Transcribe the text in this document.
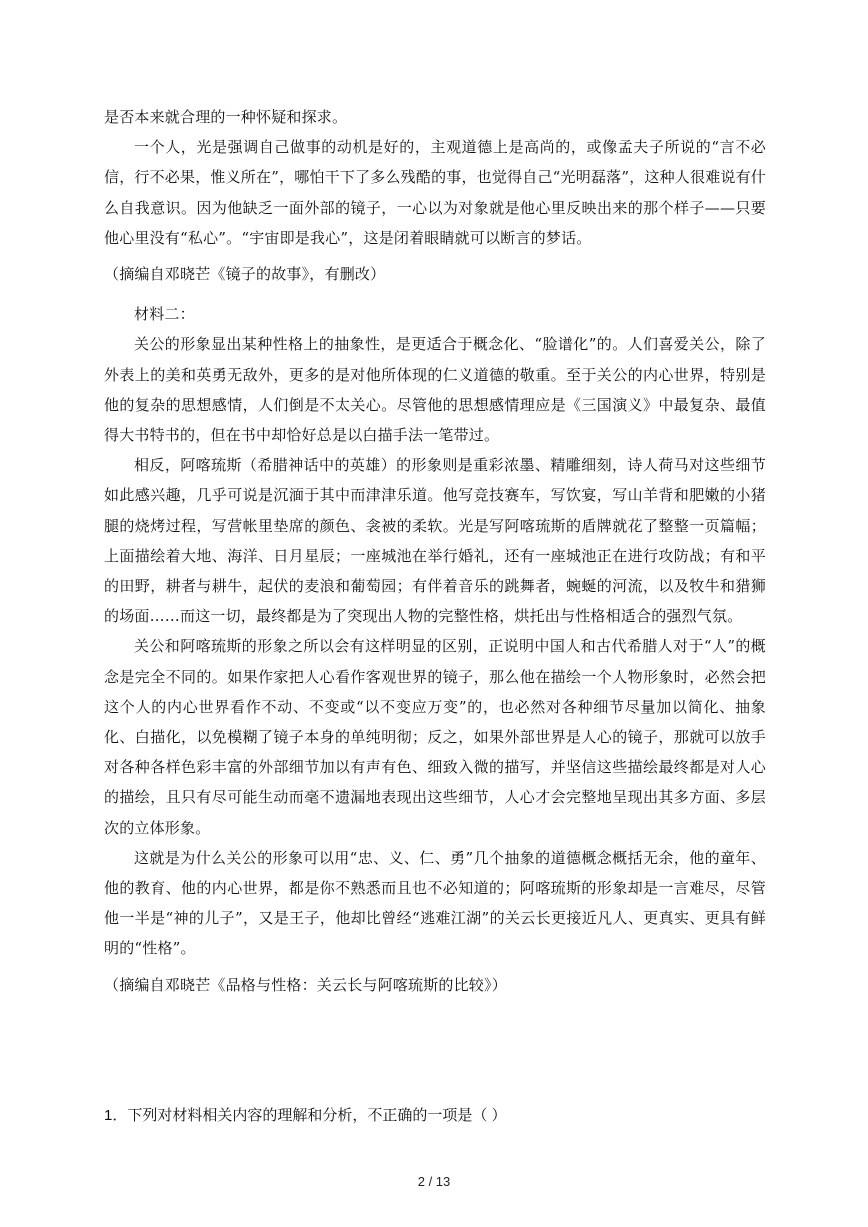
是否本来就合理的一种怀疑和探求。

一个人，光是强调自己做事的动机是好的，主观道德上是高尚的，或像孟夫子所说的“言不必信，行不必果，惟义所在”，哪怕干下了多么残酷的事，也觉得自己“光明磊落”，这种人很难说有什么自我意识。因为他缺乏一面外部的镜子，一心以为对象就是他心里反映出来的那个样子——只要他心里没有“私心”。“宇宙即是我心”，这是闭着眼睛就可以断言的梦话。

（摘编自邓晓芒《镜子的故事》，有删改）

材料二：

关公的形象显出某种性格上的抽象性，是更适合于概念化、“脸谱化”的。人们喜爱关公，除了外表上的美和英勇无敌外，更多的是对他所体现的仁义道德的敬重。至于关公的内心世界，特别是他的复杂的思想感情，人们倒是不太关心。尽管他的思想感情理应是《三国演义》中最复杂、最值得大书特书的，但在书中却恰好总是以白描手法一笔带过。

相反，阿喀琉斯（希腊神话中的英雄）的形象则是重彩浓墨、精雕细刻，诗人荷马对这些细节如此感兴趣，几乎可说是沉湎于其中而津津乐道。他写竞技赛车，写饮宴，写山羊背和肥嫩的小猪腿的烧烤过程，写营帐里垫席的颜色、衾被的柔软。光是写阿喀琉斯的盾牌就花了整整一页篇幅；上面描绘着大地、海洋、日月星辰；一座城池在举行婚礼，还有一座城池正在进行攻防战；有和平的田野，耕者与耕牛，起伏的麦浪和葡萄园；有伴着音乐的跳舞者，蜿蜒的河流，以及牧牛和猎狮的场面……而这一切，最终都是为了突现出人物的完整性格，烘托出与性格相适合的强烈气氛。

关公和阿喀琉斯的形象之所以会有这样明显的区别，正说明中国人和古代希腊人对于“人”的概念是完全不同的。如果作家把人心看作客观世界的镜子，那么他在描绘一个人物形象时，必然会把这个人的内心世界看作不动、不变或“以不变应万变”的，也必然对各种细节尽量加以简化、抽象化、白描化，以免模糊了镜子本身的单纯明彻；反之，如果外部世界是人心的镜子，那就可以放手对各种各样色彩丰富的外部细节加以有声有色、细致入微的描写，并坚信这些描绘最终都是对人心的描绘，且只有尽可能生动而毫不遗漏地表现出这些细节，人心才会完整地呈现出其多方面、多层次的立体形象。

这就是为什么关公的形象可以用“忠、义、仁、勇”几个抽象的道德概念概括无余，他的童年、他的教育、他的内心世界，都是你不熟悉而且也不必知道的；阿喀琉斯的形象却是一言难尽，尽管他一半是“神的儿子”，又是王子，他却比曾经“逃难江湖”的关云长更接近凡人、更真实、更具有鲜明的“性格”。

（摘编自邓晓芒《品格与性格：关云长与阿喀琉斯的比较》）

1．下列对材料相关内容的理解和分析，不正确的一项是（ ）
2 / 13
